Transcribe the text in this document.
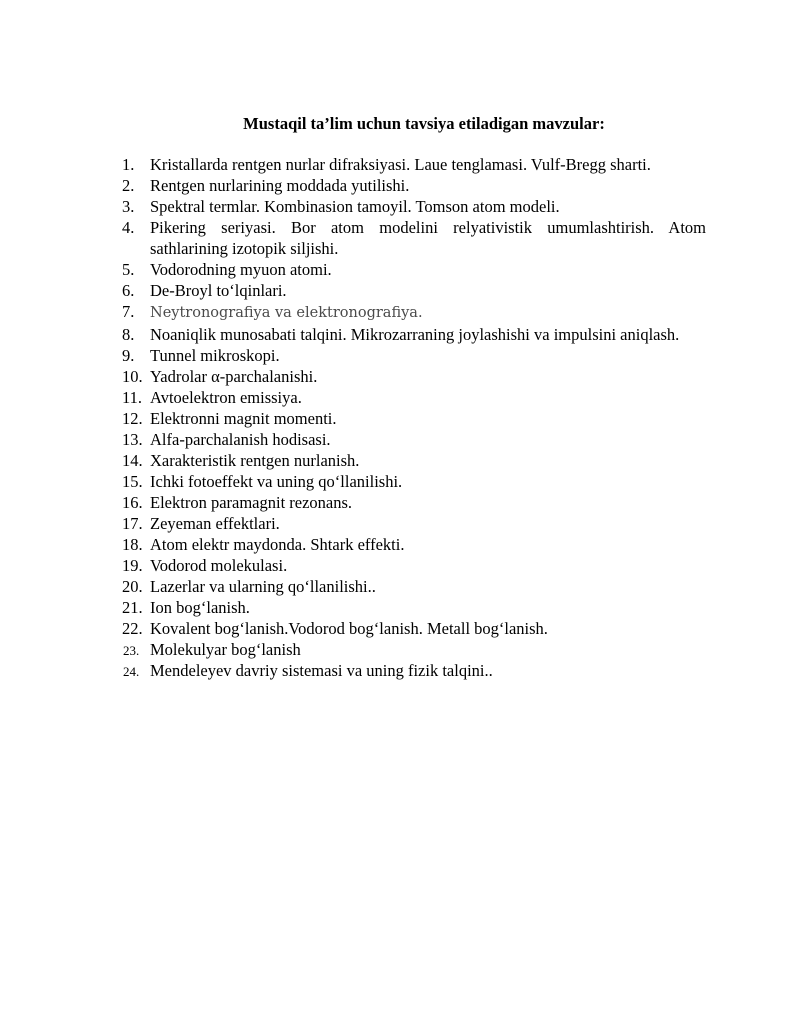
Mustaqil ta’lim uchun tavsiya etiladigan mavzular:
1. Kristallarda rentgen nurlar difraksiyasi. Laue tenglamasi. Vulf-Bregg sharti.
2. Rentgen nurlarining moddada yutilishi.
3. Spektral termlar. Kombinasion tamoyil. Tomson atom modeli.
4. Pikering seriyasi. Bor atom modelini relyativistik umumlashtirish. Atom sathlarining izotopik siljishi.
5. Vodorodning myuon atomi.
6. De-Broyl to‘lqinlari.
7. Neytronografiya va elektronografiya.
8. Noaniqlik munosabati talqini. Mikrozarraning joylashishi va impulsini aniqlash.
9. Tunnel mikroskopi.
10. Yadrolar α-parchalanishi.
11. Avtoelektron emissiya.
12. Elektronni magnit momenti.
13. Alfa-parchalanish hodisasi.
14. Xarakteristik rentgen nurlanish.
15. Ichki fotoeffekt va uning qo‘llanilishi.
16. Elektron paramagnit rezonans.
17. Zeyeman effektlari.
18. Atom elektr maydonda. Shtark effekti.
19. Vodorod molekulasi.
20. Lazerlar va ularning qo‘llanilishi..
21. Ion bog‘lanish.
22. Kovalent bog‘lanish.Vodorod bog‘lanish. Metall bog‘lanish.
23. Molekulyar bog‘lanish
24. Mendeleyev davriy sistemasi va uning fizik talqini..
